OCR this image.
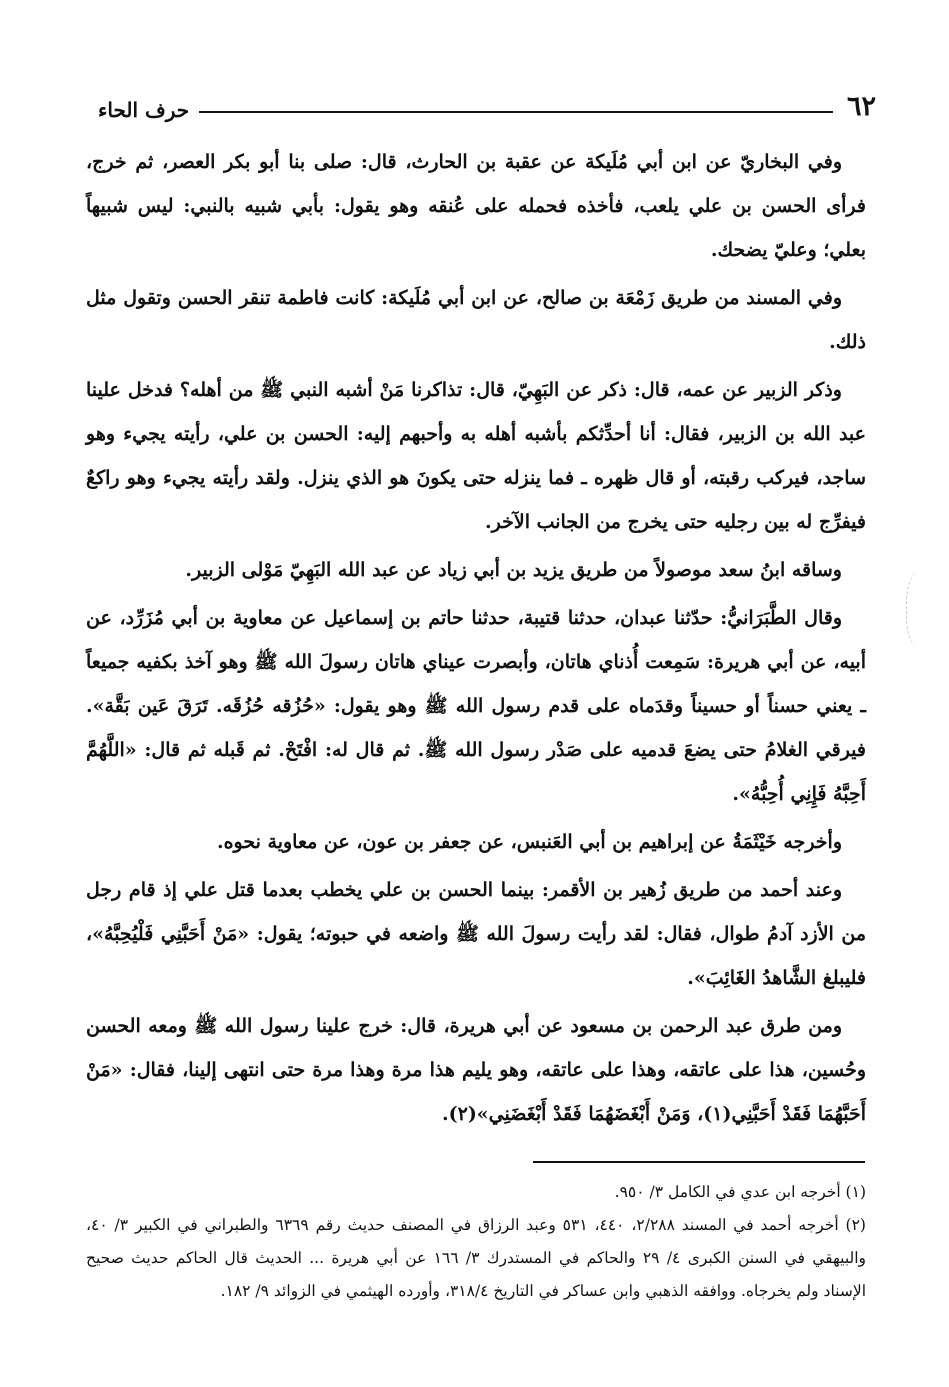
٦٢
حرف الحاء

وفي البخاريّ عن ابن أبي مُلَيكة عن عقبة بن الحارث، قال: صلى بنا أبو بكر العصر، ثم خرج، فرأى الحسن بن علي يلعب، فأخذه فحمله على عُنقه وهو يقول: بأبي شبيه بالنبي: ليس شبيهاً بعلي؛ وعليّ يضحك.

وفي المسند من طريق زَمْعَة بن صالح، عن ابن أبي مُلَيكة: كانت فاطمة تنقر الحسن وتقول مثل ذلك.

وذكر الزبير عن عمه، قال: ذكر عن البَهِيّ، قال: تذاكرنا مَنْ أشبه النبي ﷺ من أهله؟ فدخل علينا عبد الله بن الزبير، فقال: أنا أحدِّثكم بأشبه أهله به وأحبهم إليه: الحسن بن علي، رأيته يجيء وهو ساجد، فيركب رقبته، أو قال ظهره ـ فما ينزله حتى يكونَ هو الذي ينزل. ولقد رأيته يجيء وهو راكعٌ فيفرِّج له بين رجليه حتى يخرج من الجانب الآخر.

وساقه ابنُ سعد موصولاً من طريق يزيد بن أبي زياد عن عبد الله البَهِيّ مَوْلى الزبير.

وقال الطَّبَرَانيُّ: حدّثنا عبدان، حدثنا قتيبة، حدثنا حاتم بن إسماعيل عن معاوية بن أبي مُزَرِّد، عن أبيه، عن أبي هريرة: سَمِعت أُذناي هاتان، وأبصرت عيناي هاتان رسولَ الله ﷺ وهو آخذ بكفيه جميعاً ـ يعني حسناً أو حسيناً وقدَماه على قدم رسول الله ﷺ وهو يقول: «حُزُقه حُزُقَه. تَرَقَ عَين بَقَّة». فيرقي الغلامُ حتى يضعَ قدميه على صَدْر رسول الله ﷺ. ثم قال له: افْتَحْ. ثم قَبله ثم قال: «اللَّهُمَّ أَحِبَّهُ فَإِنِي أُحِبُّهُ».

وأخرجه خَيْثَمَةُ عن إبراهيم بن أبي العَنبس، عن جعفر بن عون، عن معاوية نحوه.

وعند أحمد من طريق زُهير بن الأقمر: بينما الحسن بن علي يخطب بعدما قتل علي إذ قام رجل من الأزد آدمُ طوال، فقال: لقد رأيت رسولَ الله ﷺ واضعه في حبوته؛ يقول: «مَنْ أَحَبَّنِي فَلْيُحِبَّهُ»، فليبلغ الشَّاهدُ الغَائِبَ».

ومن طرق عبد الرحمن بن مسعود عن أبي هريرة، قال: خرج علينا رسول الله ﷺ ومعه الحسن وحُسين، هذا على عاتقه، وهذا على عاتقه، وهو يليم هذا مرة وهذا مرة حتى انتهى إلينا، فقال: «مَنْ أَحَبَّهُمَا فَقَدْ أَحَبَّنِي(١)، وَمَنْ أَبْغَضَهُمَا فَقَدْ أَبْغَضَنِي»(٢).

(١) أخرجه ابن عدي في الكامل ٣/ ٩٥٠.

(٢) أخرجه أحمد في المسند ٢/٢٨٨، ٤٤٠، ٥٣١ وعبد الرزاق في المصنف حديث رقم ٦٣٦٩ والطبراني في الكبير ٣/ ٤٠، والبيهقي في السنن الكبرى ٤/ ٢٩ والحاكم في المستدرك ٣/ ١٦٦ عن أبي هريرة ... الحديث قال الحاكم حديث صحيح الإسناد ولم يخرجاه. ووافقه الذهبي وابن عساكر في التاريخ ٣١٨/٤، وأورده الهيثمي في الزوائد ٩/ ١٨٢.
